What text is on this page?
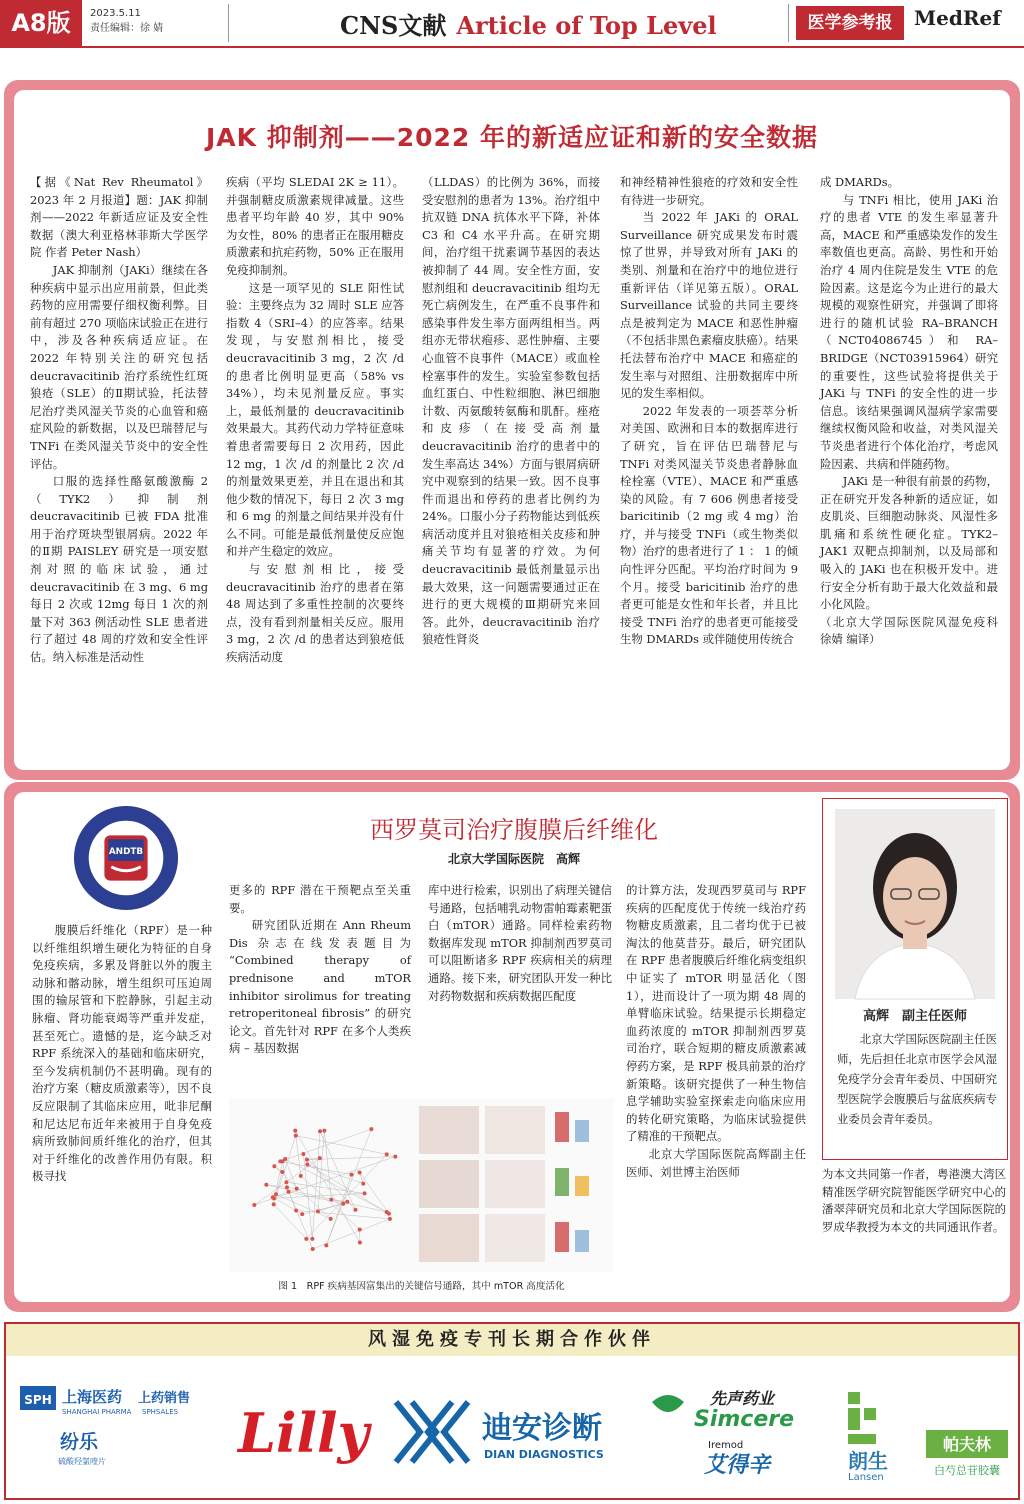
A8版	2023.5.11
责任编辑：徐 婧	CNS文献 Article of Top Level	医学参考报	MedRef
JAK 抑制剂——2022 年的新适应证和新的安全数据

【据《Nat Rev Rheumatol》2023 年 2 月报道】题：JAK 抑制剂——2022 年新适应证及安全性数据（澳大利亚格林菲斯大学医学院 作者 Peter Nash）

JAK 抑制剂（JAKi）继续在各种疾病中显示出应用前景，但此类药物的应用需要仔细权衡利弊。目前有超过 270 项临床试验正在进行中，涉及各种疾病适应证。在 2022 年特别关注的研究包括 deucravacitinib 治疗系统性红斑狼疮（SLE）的Ⅱ期试验，托法替尼治疗类风湿关节炎的心血管和癌症风险的新数据，以及巴瑞替尼与 TNFi 在类风湿关节炎中的安全性评估。

口服的选择性酪氨酸激酶 2（TYK2）抑制剂 deucravacitinib 已被 FDA 批准用于治疗斑块型银屑病。2022 年的Ⅱ期 PAISLEY 研究是一项安慰剂对照的临床试验，通过 deucravacitinib 在 3 mg、6 mg 每日 2 次或 12mg 每日 1 次的剂量下对 363 例活动性 SLE 患者进行了超过 48 周的疗效和安全性评估。纳入标准是活动性

疾病（平均 SLEDAI 2K ≥ 11）。并强制糖皮质激素规律减量。这些患者平均年龄 40 岁，其中 90% 为女性，80% 的患者正在服用糖皮质激素和抗疟药物，50% 正在服用免疫抑制剂。

这是一项罕见的 SLE 阳性试验：主要终点为 32 周时 SLE 应答指数 4（SRI–4）的应答率。结果发现，与安慰剂相比，接受 deucravacitinib 3 mg，2 次 /d 的患者比例明显更高（58% vs 34%），均未见剂量反应。事实上，最低剂量的 deucravacitinib 效果最大。其药代动力学特征意味着患者需要每日 2 次用药，因此 12 mg，1 次 /d 的剂量比 2 次 /d 的剂量效果更差，并且在退出和其他少数的情况下，每日 2 次 3 mg 和 6 mg 的剂量之间结果并没有什么不同。可能是最低剂量使反应饱和并产生稳定的效应。

与安慰剂相比，接受 deucravacitinib 治疗的患者在第 48 周达到了多重性控制的次要终点，没有看到剂量相关反应。服用 3 mg，2 次 /d 的患者达到狼疮低疾病活动度

（LLDAS）的比例为 36%，而接受安慰剂的患者为 13%。治疗组中抗双链 DNA 抗体水平下降，补体 C3 和 C4 水平升高。在研究期间，治疗组干扰素调节基因的表达被抑制了 44 周。安全性方面，安慰剂组和 deucravacitinib 组均无死亡病例发生，在严重不良事件和感染事件发生率方面两组相当。两组亦无带状疱疹、恶性肿瘤、主要心血管不良事件（MACE）或血栓栓塞事件的发生。实验室参数包括血红蛋白、中性粒细胞、淋巴细胞计数、丙氨酸转氨酶和肌酐。痤疮和皮疹（在接受高剂量 deucravacitinib 治疗的患者中的发生率高达 34%）方面与银屑病研究中观察到的结果一致。因不良事件而退出和停药的患者比例约为 24%。口服小分子药物能达到低疾病活动度并且对狼疮相关皮疹和肿痛关节均有显著的疗效。为何 deucravacitinib 最低剂量显示出最大效果，这一问题需要通过正在进行的更大规模的Ⅲ期研究来回答。此外，deucravacitinib 治疗狼疮性肾炎

和神经精神性狼疮的疗效和安全性有待进一步研究。

当 2022 年 JAKi 的 ORAL Surveillance 研究成果发布时震惊了世界，并导致对所有 JAKi 的类别、剂量和在治疗中的地位进行重新评估（详见第五版）。ORAL Surveillance 试验的共同主要终点是被判定为 MACE 和恶性肿瘤（不包括非黑色素瘤皮肤癌）。结果托法替布治疗中 MACE 和癌症的发生率与对照组、注册数据库中所见的发生率相似。

2022 年发表的一项荟萃分析对美国、欧洲和日本的数据库进行了研究，旨在评估巴瑞替尼与 TNFi 对类风湿关节炎患者静脉血栓栓塞（VTE）、MACE 和严重感染的风险。有 7 606 例患者接受 baricitinib（2 mg 或 4 mg）治疗，并与接受 TNFi（或生物类似物）治疗的患者进行了 1 ： 1 的倾向性评分匹配。平均治疗时间为 9 个月。接受 baricitinib 治疗的患者更可能是女性和年长者，并且比接受 TNFi 治疗的患者更可能接受生物 DMARDs 或伴随使用传统合

成 DMARDs。

与 TNFi 相比，使用 JAKi 治疗的患者 VTE 的发生率显著升高，MACE 和严重感染发作的发生率数值也更高。高龄、男性和开始治疗 4 周内住院是发生 VTE 的危险因素。这是迄今为止进行的最大规模的观察性研究，并强调了即将进行的随机试验 RA–BRANCH（NCT04086745）和 RA–BRIDGE（NCT03915964）研究的重要性，这些试验将提供关于 JAKi 与 TNFi 的安全性的进一步信息。该结果强调风湿病学家需要继续权衡风险和收益，对类风湿关节炎患者进行个体化治疗，考虑风险因素、共病和伴随药物。

JAKi 是一种很有前景的药物，正在研究开发各种新的适应证，如皮肌炎、巨细胞动脉炎、风湿性多肌痛和系统性硬化症。TYK2–JAK1 双靶点抑制剂，以及局部和吸入的 JAKi 也在积极开发中。进行安全分析有助于最大化效益和最小化风险。

（北京大学国际医院风湿免疫科　徐婧 编译）

ANDTB
西罗莫司治疗腹膜后纤维化
北京大学国际医院　高辉

腹膜后纤维化（RPF）是一种以纤维组织增生硬化为特征的自身免疫疾病，多累及肾脏以外的腹主动脉和髂动脉，增生组织可压迫周围的输尿管和下腔静脉，引起主动脉瘤、肾功能衰竭等严重并发症，甚至死亡。遗憾的是，迄今缺乏对 RPF 系统深入的基础和临床研究，至今发病机制仍不甚明确。现有的治疗方案（糖皮质激素等），因不良反应限制了其临床应用，吡非尼酮和尼达尼布近年来被用于自身免疫病所致肺间质纤维化的治疗，但其对于纤维化的改善作用仍有限。积极寻找

更多的 RPF 潜在干预靶点至关重要。

研究团队近期在 Ann Rheum Dis 杂志在线发表题目为 “Combined therapy of prednisone and mTOR inhibitor sirolimus for treating retroperitoneal fibrosis” 的研究论文。首先针对 RPF 在多个人类疾病 – 基因数据

库中进行检索，识别出了病理关键信号通路，包括哺乳动物雷帕霉素靶蛋白（mTOR）通路。同样检索药物数据库发现 mTOR 抑制剂西罗莫司可以阻断诸多 RPF 疾病相关的病理通路。接下来，研究团队开发一种比对药物数据和疾病数据匹配度

的计算方法，发现西罗莫司与 RPF 疾病的匹配度优于传统一线治疗药物糖皮质激素，且二者均优于已被淘汰的他莫昔芬。最后，研究团队在 RPF 患者腹膜后纤维化病变组织中证实了 mTOR 明显活化（图 1），进而设计了一项为期 48 周的单臂临床试验。结果提示长期稳定血药浓度的 mTOR 抑制剂西罗莫司治疗，联合短期的糖皮质激素减停药方案，是 RPF 极具前景的治疗新策略。该研究提供了一种生物信息学辅助实验室探索走向临床应用的转化研究策略，为临床试验提供了精准的干预靶点。

北京大学国际医院高辉副主任医师、刘世博主治医师	为本文共同第一作者，粤港澳大湾区精准医学研究院智能医学研究中心的潘翠萍研究员和北京大学国际医院的罗成华教授为本文的共同通讯作者。

高辉　副主任医师
北京大学国际医院副主任医师，先后担任北京市医学会风湿免疫学分会青年委员、中国研究型医院学会腹膜后与盆底疾病专业委员会青年委员。
图 1　RPF 疾病基因富集出的关键信号通路，其中 mTOR 高度活化
风湿免疫专刊长期合作伙伴
SPH 上海医药 上药销售
SHANGHAI PHARMA SPHSALES
纷乐
硫酸羟氯喹片 Lilly	迪安诊断
DIAN DIAGNOSTICS
先声药业
Simcere
Iremod
艾得辛	朗生
Lansen
帕夫林
白芍总苷胶囊
